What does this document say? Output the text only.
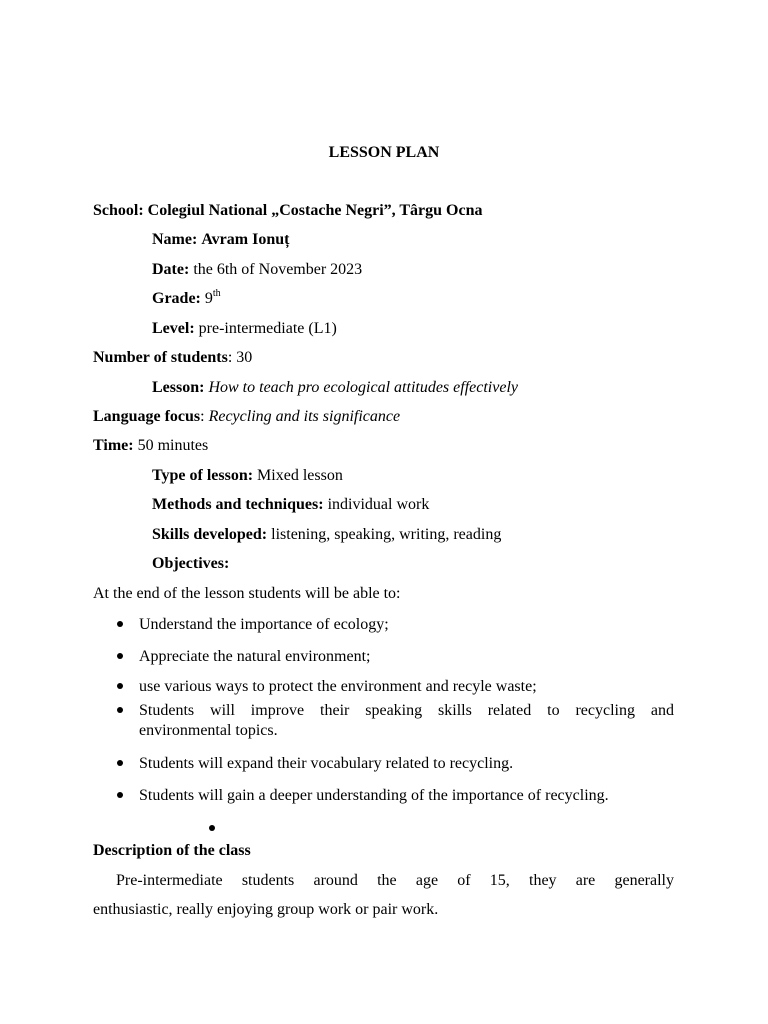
LESSON PLAN
School: Colegiul National „Costache Negri”, Târgu Ocna
Name: Avram Ionuț
Date: the 6th of November 2023
Grade: 9th
Level: pre-intermediate (L1)
Number of students: 30
Lesson: How to teach pro ecological attitudes effectively
Language focus: Recycling and its significance
Time: 50 minutes
Type of lesson: Mixed lesson
Methods and techniques: individual work
Skills developed: listening, speaking, writing, reading
Objectives:
At the end of the lesson students will be able to:
Understand the importance of ecology;
Appreciate the natural environment;
use various ways to protect the environment and recyle waste;
Students will improve their speaking skills related to recycling and
environmental topics.
Students will expand their vocabulary related to recycling.
Students will gain a deeper understanding of the importance of recycling.
Description of the class
Pre-intermediate students around the age of 15, they are generally
enthusiastic, really enjoying group work or pair work.
